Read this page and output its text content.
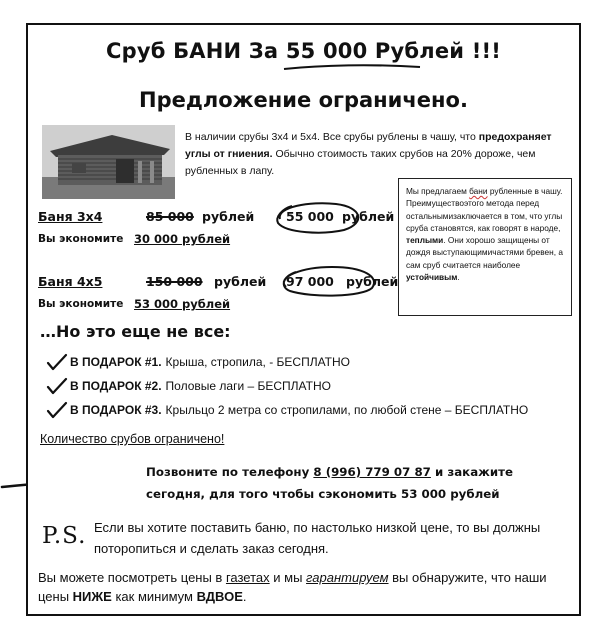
Сруб БАНИ За 55 000 Рублей
!!!
Предложение ограничено.
В наличии срубы 3х4 и 5х4. Все срубы рублены в чашу, что предохраняет углы от гниения. Обычно стоимость таких срубов на 20% дороже, чем рубленных в лапу.
Мы предлагаем бани рубленные в чашу. Преимуществоэтого метода перед остальнымизаключается в том, что углы сруба становятся, как говорят в народе, теплыми. Они хорошо защищены от дождя выступающимичастями бревен, а сам сруб считается наиболее устойчивым.
Баня 3х4	85 000 рублей	55 000 рублей
Вы экономите 30 000 рублей
Баня 4х5	150 000 рублей 97 000 рублей
Вы экономите 53 000 рублей
…Но это еще не все:
В ПОДАРОК #1. Крыша, стропила, - БЕСПЛАТНО
В ПОДАРОК #2. Половые лаги – БЕСПЛАТНО
В ПОДАРОК #3. Крыльцо 2 метра со стропилами, по любой стене – БЕСПЛАТНО
Количество срубов ограничено!
Позвоните по телефону 8 (996) 779 07 87 и закажите сегодня, для того чтобы сэкономить 53 000 рублей
P.S. Если вы хотите поставить баню, по настолько низкой цене, то вы должны поторопиться и сделать заказ сегодня.
Вы можете посмотреть цены в газетах и мы гарантируем вы обнаружите, что наши цены НИЖЕ как минимум ВДВОЕ.
